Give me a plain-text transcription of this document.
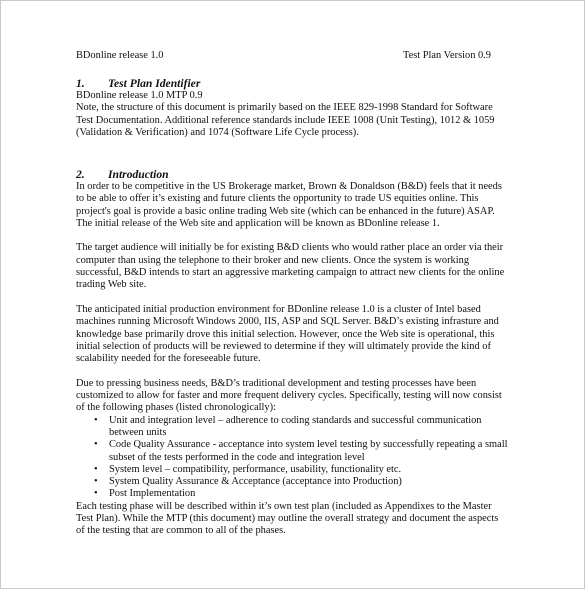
BDonline release 1.0	Test Plan Version 0.9
1. Test Plan Identifier

BDonline release 1.0 MTP 0.9
Note, the structure of this document is primarily based on the IEEE 829-1998 Standard for Software
Test Documentation. Additional reference standards include IEEE 1008 (Unit Testing), 1012 & 1059
(Validation & Verification) and 1074 (Software Life Cycle process).

2. Introduction

In order to be competitive in the US Brokerage market, Brown & Donaldson (B&D) feels that it needs
to be able to offer it’s existing and future clients the opportunity to trade US equities online. This
project's goal is provide a basic online trading Web site (which can be enhanced in the future) ASAP.
The initial release of the Web site and application will be known as BDonline release 1.

The target audience will initially be for existing B&D clients who would rather place an order via their
computer than using the telephone to their broker and new clients. Once the system is working
successful, B&D intends to start an aggressive marketing campaign to attract new clients for the online
trading Web site.

The anticipated initial production environment for BDonline release 1.0 is a cluster of Intel based
machines running Microsoft Windows 2000, IIS, ASP and SQL Server. B&D’s existing infrasture and
knowledge base primarily drove this initial selection. However, once the Web site is operational, this
initial selection of products will be reviewed to determine if they will ultimately provide the kind of
scalability needed for the foreseeable future.

Due to pressing business needs, B&D’s traditional development and testing processes have been
customized to allow for faster and more frequent delivery cycles. Specifically, testing will now consist
of the following phases (listed chronologically):

• Unit and integration level – adherence to coding standards and successful communication
between units
• Code Quality Assurance - acceptance into system level testing by successfully repeating a small
subset of the tests performed in the code and integration level
• System level – compatibility, performance, usability, functionality etc.
• System Quality Assurance & Acceptance (acceptance into Production)
• Post Implementation

Each testing phase will be described within it’s own test plan (included as Appendixes to the Master
Test Plan). While the MTP (this document) may outline the overall strategy and document the aspects
of the testing that are common to all of the phases.
